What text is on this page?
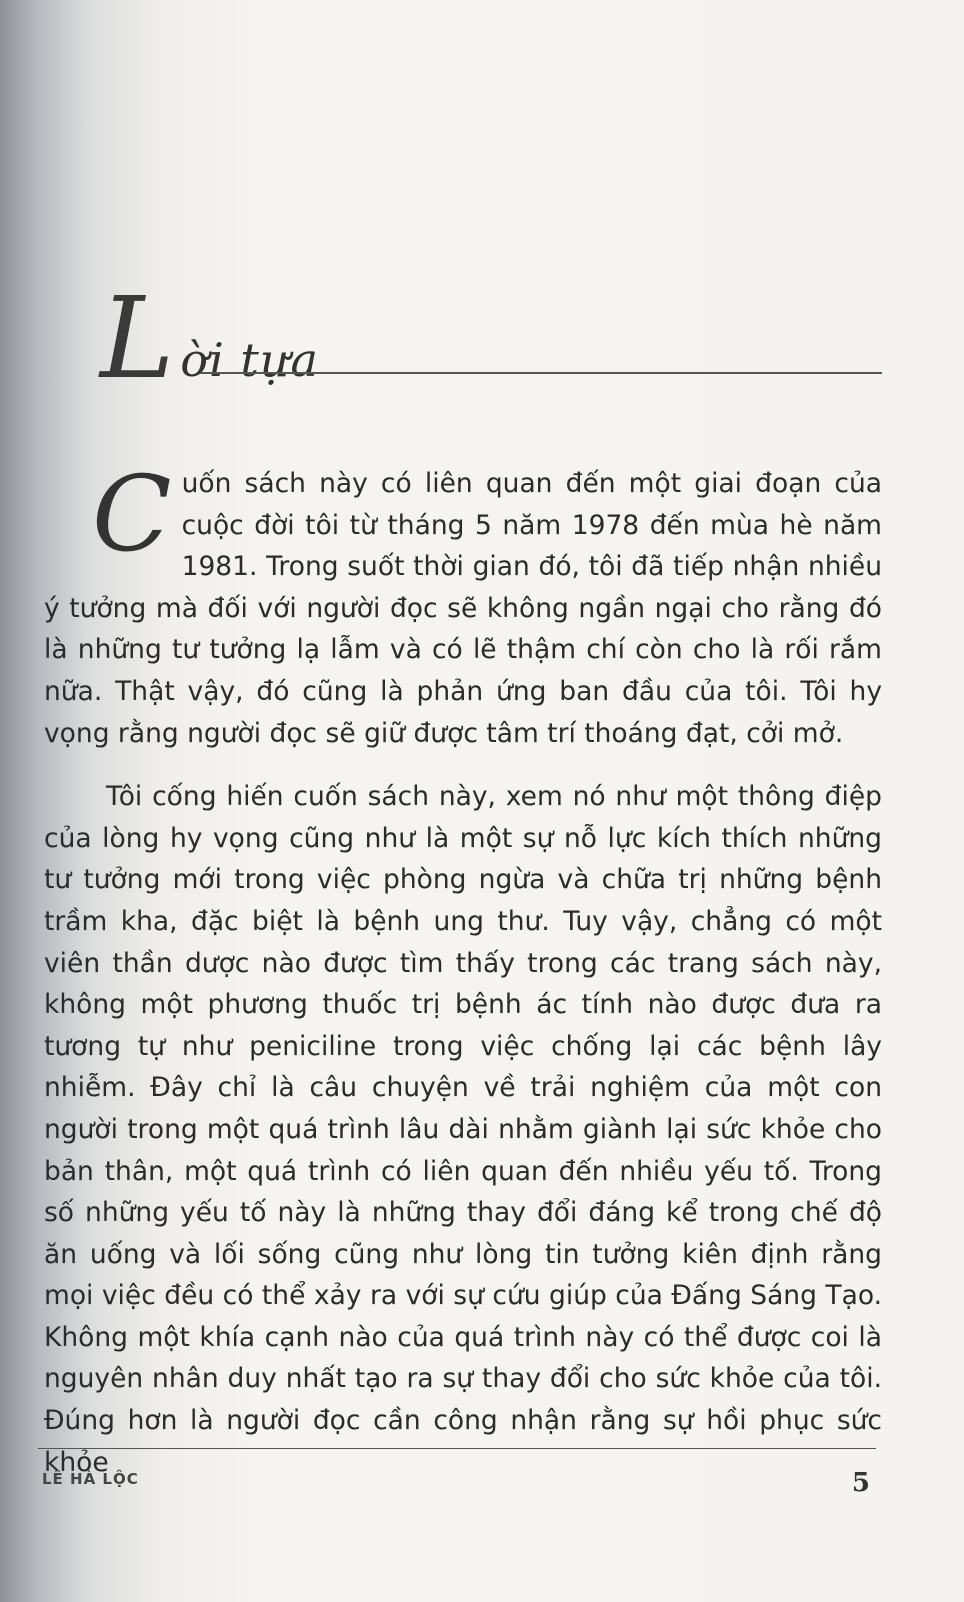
L ời tựa

Cuốn sách này có liên quan đến một giai đoạn của cuộc đời tôi từ tháng 5 năm 1978 đến mùa hè năm 1981. Trong suốt thời gian đó, tôi đã tiếp nhận nhiều ý tưởng mà đối với người đọc sẽ không ngần ngại cho rằng đó là những tư tưởng lạ lẫm và có lẽ thậm chí còn cho là rối rắm nữa. Thật vậy, đó cũng là phản ứng ban đầu của tôi. Tôi hy vọng rằng người đọc sẽ giữ được tâm trí thoáng đạt, cởi mở.

Tôi cống hiến cuốn sách này, xem nó như một thông điệp của lòng hy vọng cũng như là một sự nỗ lực kích thích những tư tưởng mới trong việc phòng ngừa và chữa trị những bệnh trầm kha, đặc biệt là bệnh ung thư. Tuy vậy, chẳng có một viên thần dược nào được tìm thấy trong các trang sách này, không một phương thuốc trị bệnh ác tính nào được đưa ra tương tự như peniciline trong việc chống lại các bệnh lây nhiễm. Đây chỉ là câu chuyện về trải nghiệm của một con người trong một quá trình lâu dài nhằm giành lại sức khỏe cho bản thân, một quá trình có liên quan đến nhiều yếu tố. Trong số những yếu tố này là những thay đổi đáng kể trong chế độ ăn uống và lối sống cũng như lòng tin tưởng kiên định rằng mọi việc đều có thể xảy ra với sự cứu giúp của Đấng Sáng Tạo. Không một khía cạnh nào của quá trình này có thể được coi là nguyên nhân duy nhất tạo ra sự thay đổi cho sức khỏe của tôi. Đúng hơn là người đọc cần công nhận rằng sự hồi phục sức khỏe

LÊ HÀ LỘC	5
